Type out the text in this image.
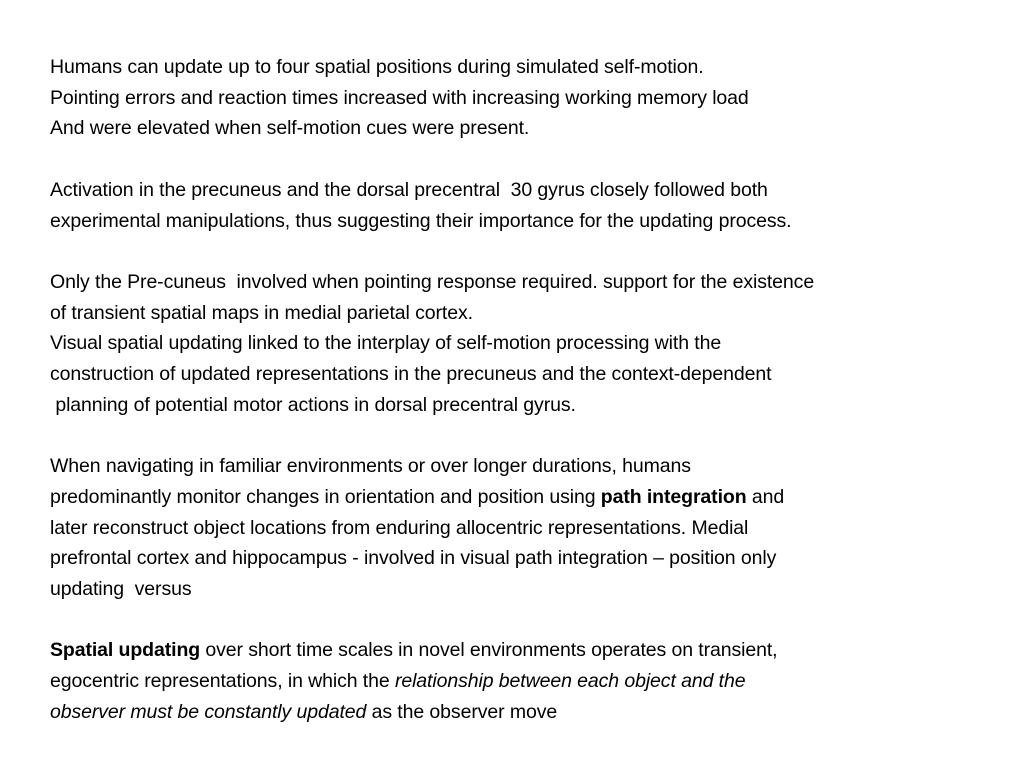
Humans can update up to four spatial positions during simulated self-motion.
Pointing errors and reaction times increased with increasing working memory load
And were elevated when self-motion cues were present.
Activation in the precuneus and the dorsal precentral  30 gyrus closely followed both
experimental manipulations, thus suggesting their importance for the updating process.
Only the Pre-cuneus  involved when pointing response required. support for the existence
of transient spatial maps in medial parietal cortex.
Visual spatial updating linked to the interplay of self-motion processing with the
construction of updated representations in the precuneus and the context-dependent
planning of potential motor actions in dorsal precentral gyrus.
When navigating in familiar environments or over longer durations, humans
predominantly monitor changes in orientation and position using path integration and
later reconstruct object locations from enduring allocentric representations. Medial
prefrontal cortex and hippocampus - involved in visual path integration – position only
updating  versus
Spatial updating over short time scales in novel environments operates on transient,
egocentric representations, in which the relationship between each object and the
observer must be constantly updated as the observer move
